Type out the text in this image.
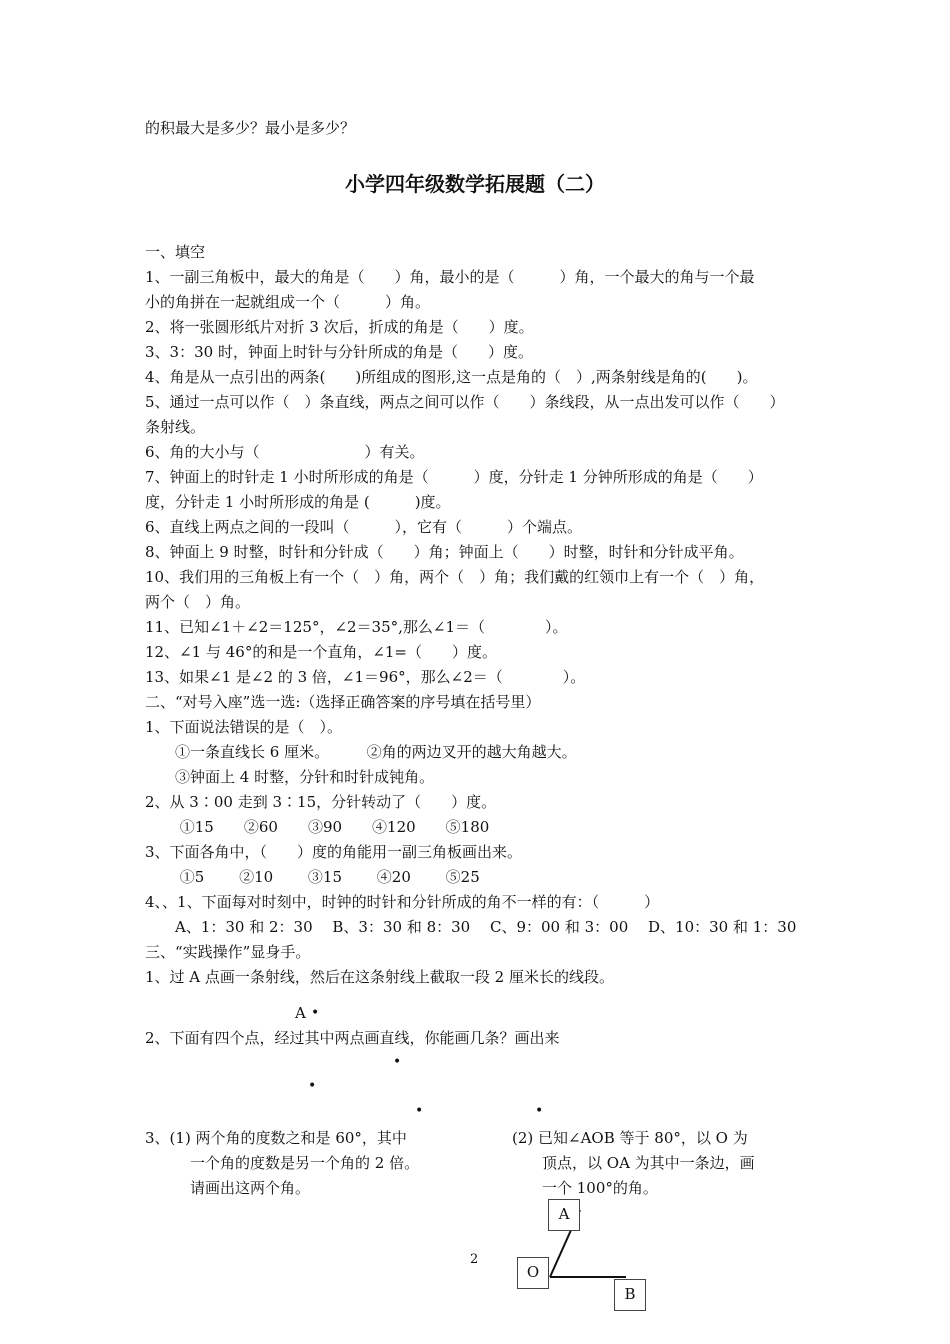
的积最大是多少？最小是多少？
小学四年级数学拓展题（二）
一、填空
1、一副三角板中，最大的角是（　　）角，最小的是（　　　）角，一个最大的角与一个最
小的角拼在一起就组成一个（　　　）角。
2、将一张圆形纸片对折 3 次后，折成的角是（　　）度。
3、3：30 时，钟面上时针与分针所成的角是（　　）度。
4、角是从一点引出的两条(　　)所组成的图形,这一点是角的（　）,两条射线是角的(　　)。
5、通过一点可以作（　）条直线，两点之间可以作（　　）条线段，从一点出发可以作（　　）
条射线。
6、角的大小与（　　　　　　　）有关。
7、钟面上的时针走 1 小时所形成的角是（　　　）度，分针走 1 分钟所形成的角是（　　）
度，分针走 1 小时所形成的角是 (　　　)度。
6、直线上两点之间的一段叫（　　　），它有（　　　）个端点。
8、钟面上 9 时整，时针和分针成（　　）角；钟面上（　　）时整，时针和分针成平角。
10、我们用的三角板上有一个（　）角，两个（　）角；我们戴的红领巾上有一个（　）角，
两个（　）角。
11、已知∠1＋∠2＝125°，∠2＝35°,那么∠1＝（　　　　）。
12、∠1 与 46°的和是一个直角，∠1=（　　）度。
13、如果∠1 是∠2 的 3 倍，∠1＝96°，那么∠2＝（　　　　）。
二、“对号入座”选一选:（选择正确答案的序号填在括号里）
1、下面说法错误的是（　）。
　　①一条直线长 6 厘米。　　　②角的两边叉开的越大角越大。
　　③钟面上 4 时整，分针和时针成钝角。
2、从 3∶00 走到 3∶15，分针转动了（　　）度。
　　 ①15　　②60　　③90　　④120　　⑤180
3、下面各角中，（　　）度的角能用一副三角板画出来。
　　 ①5　　 ②10　　 ③15　　 ④20　　 ⑤25
4、、1、下面每对时刻中，时钟的时针和分针所成的角不一样的有：（　　　）
　　A、1：30 和 2：30　 B、3：30 和 8：30　 C、9：00 和 3：00　 D、10：30 和 1：30
三、“实践操作”显身手。
1、过 A 点画一条射线，然后在这条射线上截取一段 2 厘米长的线段。
A •
2、下面有四个点，经过其中两点画直线，你能画几条？画出来
•
•
•	•
3、(1) 两个角的度数之和是 60°，其中
　　　一个角的度数是另一个角的 2 倍。
　　　请画出这两个角。
(2) 已知∠AOB 等于 80°，以 O 为
　　顶点，以 OA 为其中一条边，画
　　一个 100°的角。
A
O
B
2
